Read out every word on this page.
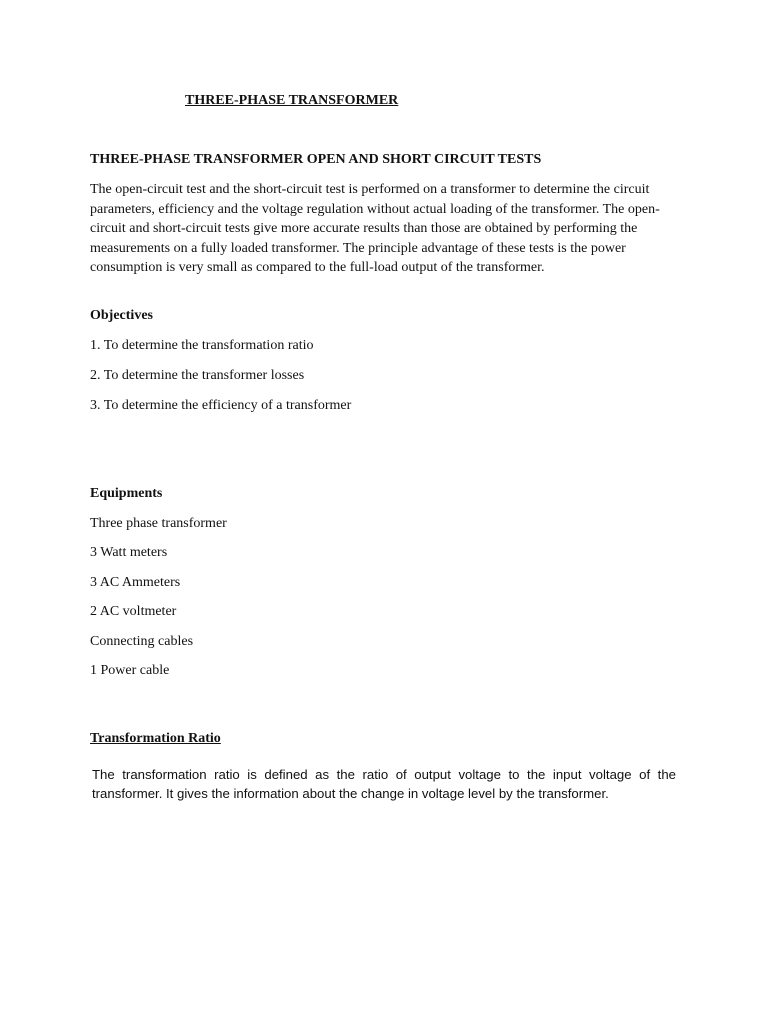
THREE-PHASE TRANSFORMER
THREE-PHASE TRANSFORMER OPEN AND SHORT CIRCUIT TESTS

The open-circuit test and the short-circuit test is performed on a transformer to determine the circuit parameters, efficiency and the voltage regulation without actual loading of the transformer. The open-circuit and short-circuit tests give more accurate results than those are obtained by performing the measurements on a fully loaded transformer. The principle advantage of these tests is the power consumption is very small as compared to the full-load output of the transformer.

Objectives

1. To determine the transformation ratio

2. To determine the transformer losses

3. To determine the efficiency of a transformer

Equipments

Three phase transformer

3 Watt meters

3 AC Ammeters

2 AC voltmeter

Connecting cables

1 Power cable

Transformation Ratio

The transformation ratio is defined as the ratio of output voltage to the input voltage of the transformer. It gives the information about the change in voltage level by the transformer.
